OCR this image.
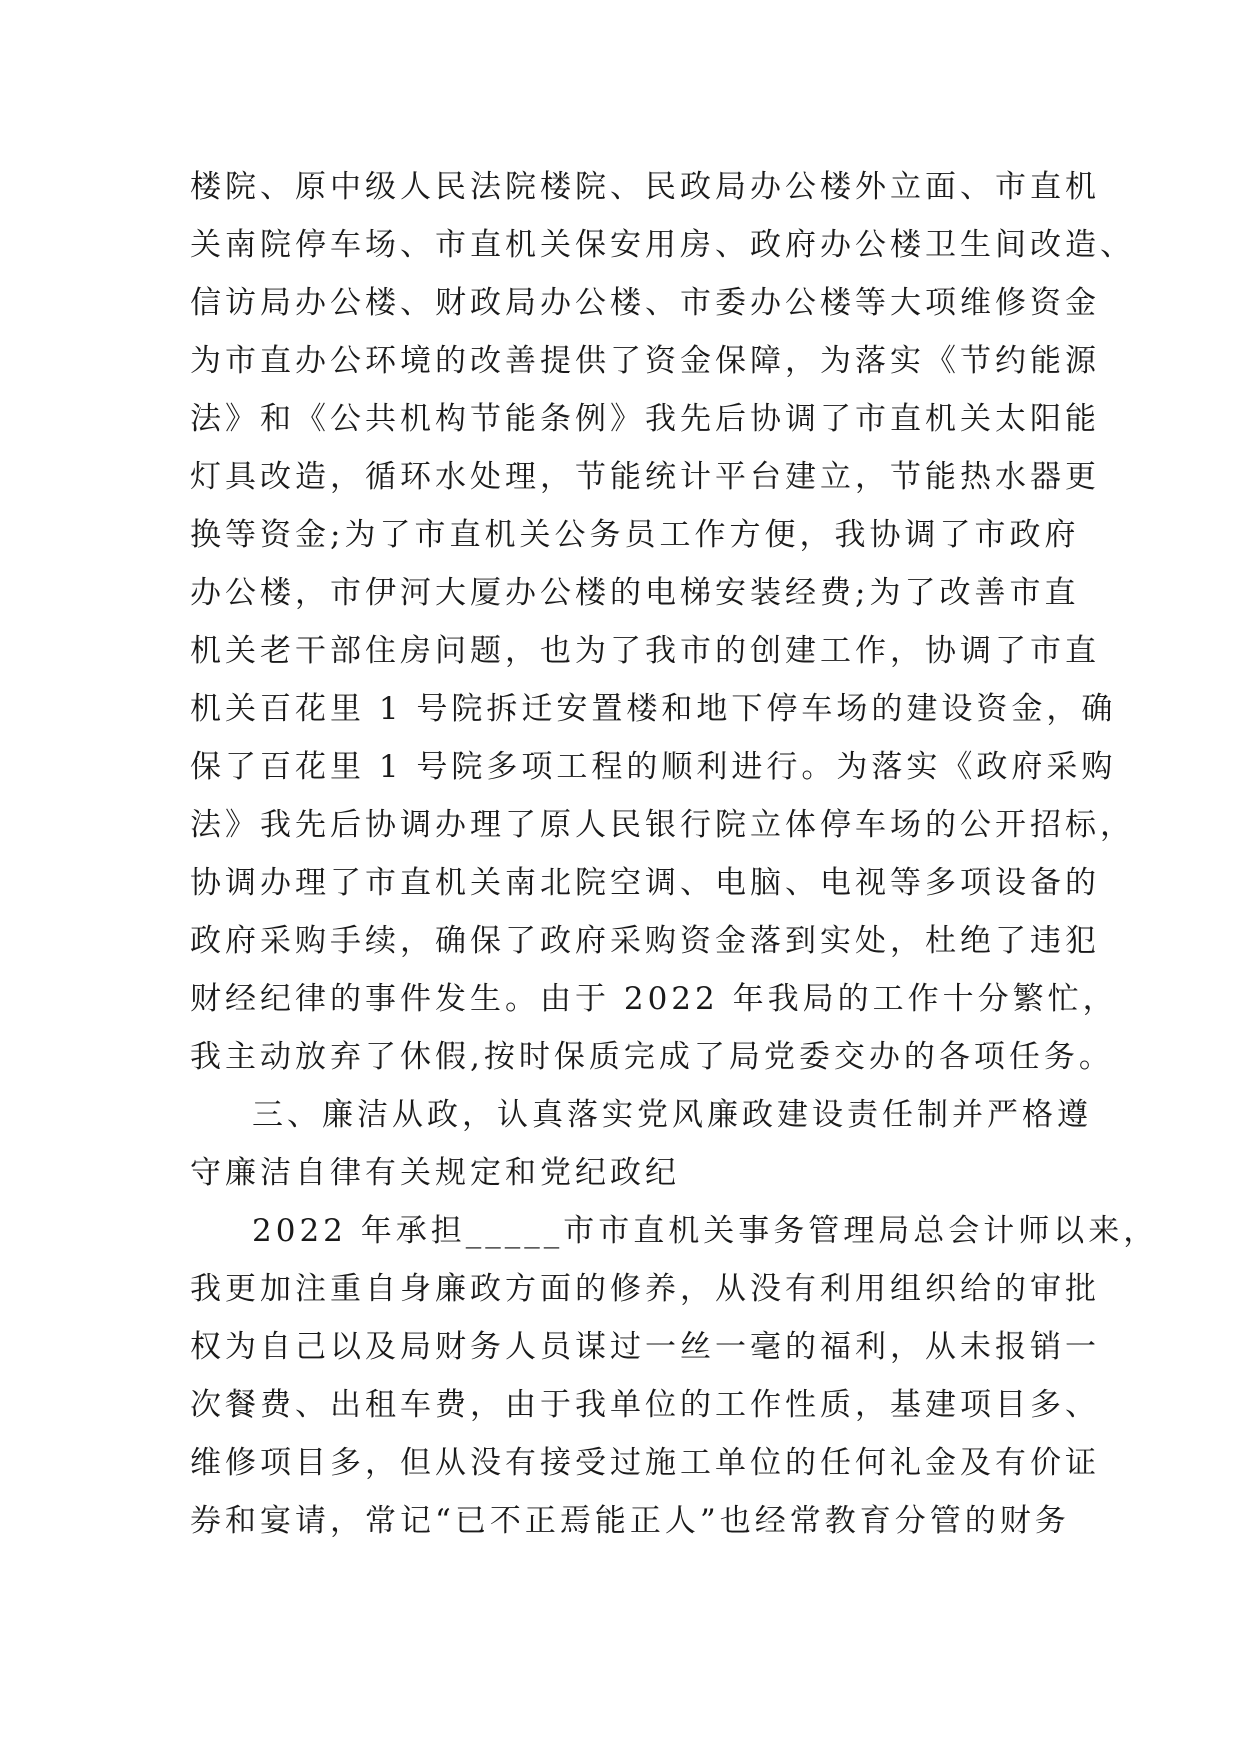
楼院、原中级人民法院楼院、民政局办公楼外立面、市直机
关南院停车场、市直机关保安用房、政府办公楼卫生间改造、
信访局办公楼、财政局办公楼、市委办公楼等大项维修资金
为市直办公环境的改善提供了资金保障，为落实《节约能源
法》和《公共机构节能条例》我先后协调了市直机关太阳能
灯具改造，循环水处理，节能统计平台建立，节能热水器更
换等资金;为了市直机关公务员工作方便，我协调了市政府
办公楼，市伊河大厦办公楼的电梯安装经费;为了改善市直
机关老干部住房问题，也为了我市的创建工作，协调了市直
机关百花里 1 号院拆迁安置楼和地下停车场的建设资金，确
保了百花里 1 号院多项工程的顺利进行。为落实《政府采购
法》我先后协调办理了原人民银行院立体停车场的公开招标，
协调办理了市直机关南北院空调、电脑、电视等多项设备的
政府采购手续，确保了政府采购资金落到实处，杜绝了违犯
财经纪律的事件发生。由于 2022 年我局的工作十分繁忙，
我主动放弃了休假,按时保质完成了局党委交办的各项任务。
三、廉洁从政，认真落实党风廉政建设责任制并严格遵
守廉洁自律有关规定和党纪政纪
2022 年承担_____市市直机关事务管理局总会计师以来，
我更加注重自身廉政方面的修养，从没有利用组织给的审批
权为自己以及局财务人员谋过一丝一毫的福利，从未报销一
次餐费、出租车费，由于我单位的工作性质，基建项目多、
维修项目多，但从没有接受过施工单位的任何礼金及有价证
券和宴请，常记“已不正焉能正人”也经常教育分管的财务
